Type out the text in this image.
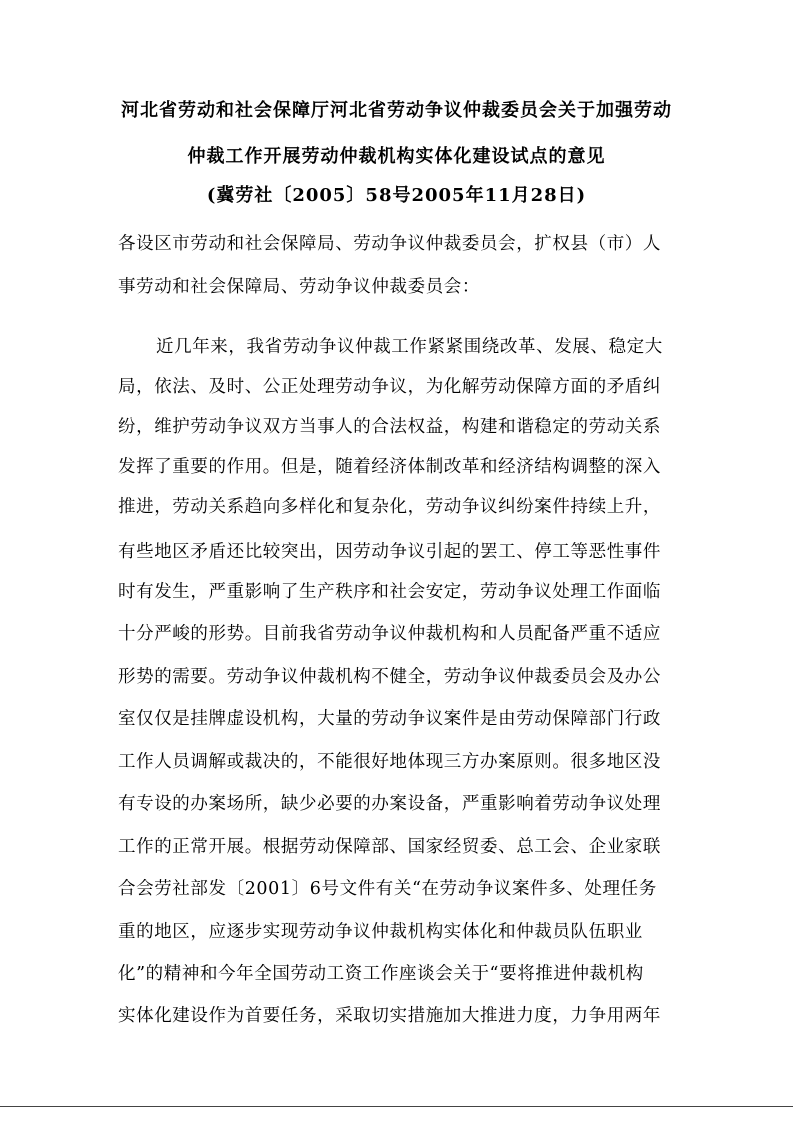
河北省劳动和社会保障厅河北省劳动争议仲裁委员会关于加强劳动
仲裁工作开展劳动仲裁机构实体化建设试点的意见
(冀劳社〔2005〕58号2005年11月28日)
各设区市劳动和社会保障局、劳动争议仲裁委员会，扩权县（市）人
事劳动和社会保障局、劳动争议仲裁委员会：
近几年来，我省劳动争议仲裁工作紧紧围绕改革、发展、稳定大
局，依法、及时、公正处理劳动争议，为化解劳动保障方面的矛盾纠
纷，维护劳动争议双方当事人的合法权益，构建和谐稳定的劳动关系
发挥了重要的作用。但是，随着经济体制改革和经济结构调整的深入
推进，劳动关系趋向多样化和复杂化，劳动争议纠纷案件持续上升，
有些地区矛盾还比较突出，因劳动争议引起的罢工、停工等恶性事件
时有发生，严重影响了生产秩序和社会安定，劳动争议处理工作面临
十分严峻的形势。目前我省劳动争议仲裁机构和人员配备严重不适应
形势的需要。劳动争议仲裁机构不健全，劳动争议仲裁委员会及办公
室仅仅是挂牌虚设机构，大量的劳动争议案件是由劳动保障部门行政
工作人员调解或裁决的，不能很好地体现三方办案原则。很多地区没
有专设的办案场所，缺少必要的办案设备，严重影响着劳动争议处理
工作的正常开展。根据劳动保障部、国家经贸委、总工会、企业家联
合会劳社部发〔2001〕6号文件有关“在劳动争议案件多、处理任务
重的地区，应逐步实现劳动争议仲裁机构实体化和仲裁员队伍职业
化”的精神和今年全国劳动工资工作座谈会关于“要将推进仲裁机构
实体化建设作为首要任务，采取切实措施加大推进力度，力争用两年
